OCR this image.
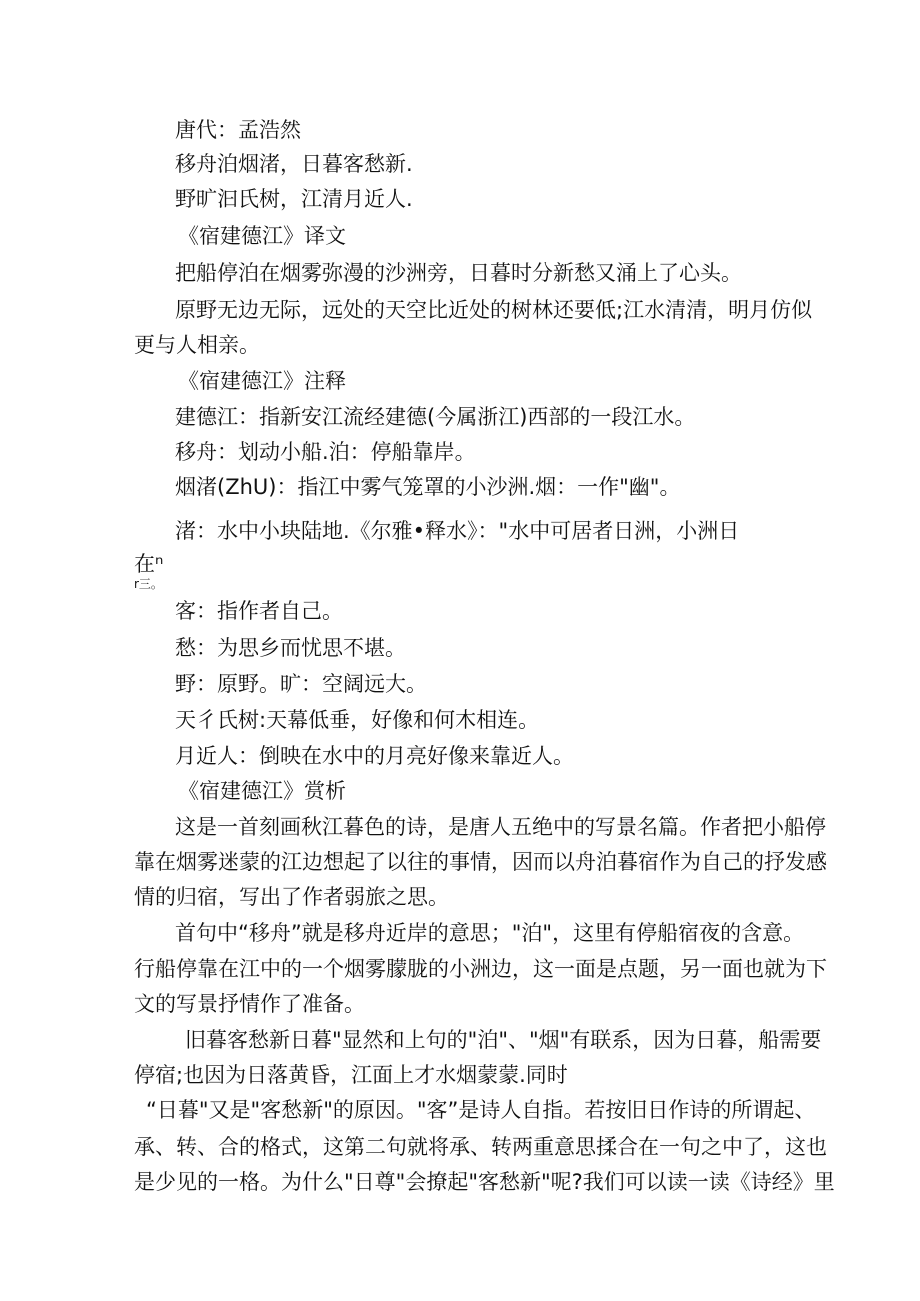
唐代：孟浩然

移舟泊烟渚，日暮客愁新.

野旷汩氏树，江清月近人.

《宿建德江》译文

把船停泊在烟雾弥漫的沙洲旁，日暮时分新愁又涌上了心头。

原野无边无际，远处的天空比近处的树林还要低;江水清清，明月仿似

更与人相亲。

《宿建德江》注释

建德江：指新安江流经建德(今属浙江)西部的一段江水。

移舟：划动小船.泊：停船靠岸。

烟渚(ZhU)：指江中雾气笼罩的小沙洲.烟：一作"幽"。

渚：水中小块陆地.《尔雅•释水》："水中可居者日洲，小洲日

在ⁿ

r三。

客：指作者自己。

愁：为思乡而忧思不堪。

野：原野。旷：空阔远大。

天彳氏树:天幕低垂，好像和何木相连。

月近人：倒映在水中的月亮好像来靠近人。

《宿建德江》赏析

这是一首刻画秋江暮色的诗，是唐人五绝中的写景名篇。作者把小船停

靠在烟雾迷蒙的江边想起了以往的事情，因而以舟泊暮宿作为自己的抒发感

情的归宿，写出了作者弱旅之思。

首句中“移舟”就是移舟近岸的意思；"泊"，这里有停船宿夜的含意。

行船停靠在江中的一个烟雾朦胧的小洲边，这一面是点题，另一面也就为下

文的写景抒情作了准备。

旧暮客愁新日暮"显然和上句的"泊"、"烟"有联系，因为日暮，船需要

停宿;也因为日落黄昏，江面上才水烟蒙蒙.同时

“日暮"又是"客愁新"的原因。"客”是诗人自指。若按旧日作诗的所谓起、

承、转、合的格式，这第二句就将承、转两重意思揉合在一句之中了，这也

是少见的一格。为什么"日尊"会撩起"客愁新"呢?我们可以读一读《诗经》里
